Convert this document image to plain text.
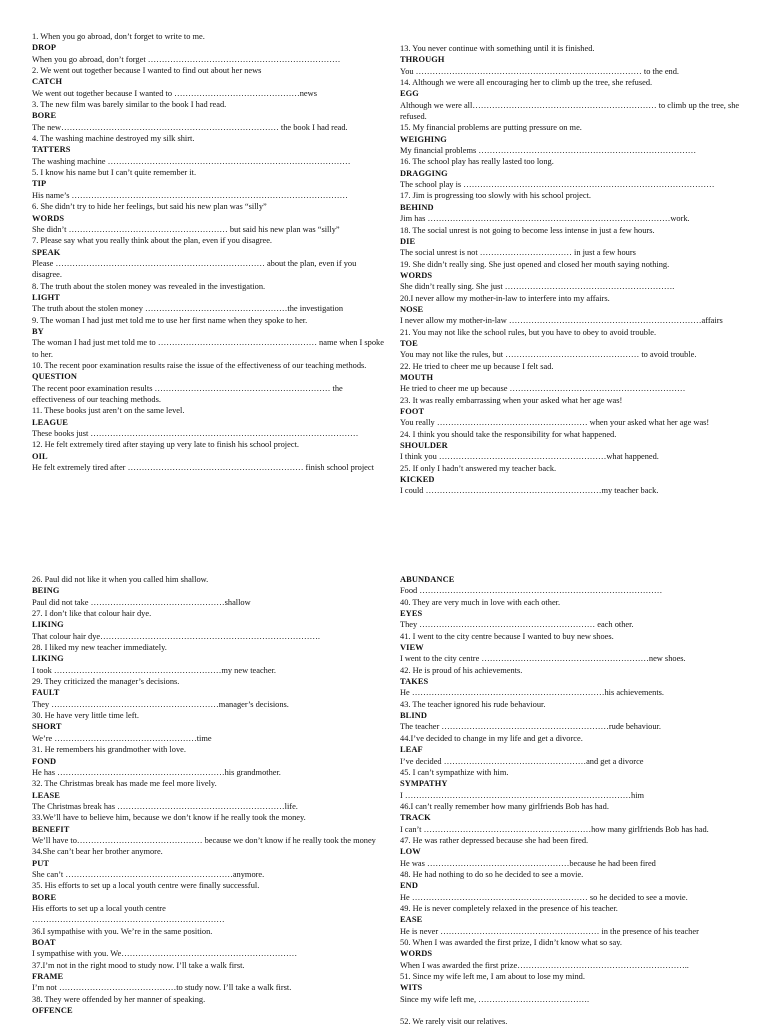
1. When you go abroad, don’t forget to write to me.
DROP
When you go abroad, don’t forget ……………………………………………………………
2. We went out together because I wanted to find out about her news
CATCH
We went out together because I wanted to ………………………………………news
3. The new film was barely similar to the book I had read.
BORE
The new…………………………………………………………………… the book I had read.
4. The washing machine destroyed my silk shirt.
TATTERS
The washing machine ……………………………………………………………………………
5. I know his name but I can’t quite remember it.
TIP
His name’s ………………………………………………………………………………………
6. She didn’t try to hide her feelings, but said his new plan was “silly”
WORDS
She didn’t ………………………………………………… but said his new plan was “silly”
7. Please say what you really think about the plan, even if you disagree.
SPEAK
Please ………………………………………………………………… about the plan, even if you disagree.
8. The truth about the stolen money was revealed in the investigation.
LIGHT
The truth about the stolen money ……………………………………………the investigation
9. The woman I had just met told me to use her first name when they spoke to her.
BY
The woman I had just met told me to ………………………………………………… name when I spoke to her.
10. The recent poor examination results raise the issue of the effectiveness of our teaching methods.
QUESTION
The recent poor examination results ……………………………………………………… the effectiveness of our teaching methods.
11. These books just aren’t on the same level.
LEAGUE
These books just ……………………………………………………………………………………
12. He felt extremely tired after staying up very late to finish his school project.
OIL
He felt extremely tired after ……………………………………………………… finish school project
13. You never continue with something until it is finished.
THROUGH
You ……………………………………………………………………… to the end.
14. Although we were all encouraging her to climb up the tree, she refused.
EGG
Although we were all………………………………………………………… to climb up the tree, she refused.
15. My financial problems are putting pressure on me.
WEIGHING
My financial problems ……………………………………………………………………
16. The school play has really lasted too long.
DRAGGING
The school play is ………………………………………………………………………………
17. Jim is progressing too slowly with his school project.
BEHIND
Jim has ……………………………………………………………………………work.
18. The social unrest is not going to become less intense in just a few hours.
DIE
The social unrest is not …………………………… in just a few hours
19. She didn’t really sing. She just opened and closed her mouth saying nothing.
WORDS
She didn’t really sing. She just …………………………………………………….
20.I never allow my mother-in-law to interfere into my affairs.
NOSE
I never allow my mother-in-law ……………………………………………………………affairs
21. You may not like the school rules, but you have to obey to avoid trouble.
TOE
You may not like the rules, but ………………………………………… to avoid trouble.
22. He tried to cheer me up because I felt sad.
MOUTH
He tried to cheer me up because ………………………………………………………
23. It was really embarrassing when your asked what her age was!
FOOT
You really ……………………………………………… when your asked what her age was!
24. I think you should take the responsibility for what happened.
SHOULDER
I think you ……………………………………………………what happened.
25. If only I hadn’t answered my teacher back.
KICKED
I could ………………………………………………………my teacher back.
26. Paul did not like it when you called him shallow.
BEING
Paul did not take …………………………………………shallow
27. I don’t like that colour hair dye.
LIKING
That colour hair dye…………………………………………………………………….
28. I liked my new teacher immediately.
LIKING
I took ……………………………………………………my new teacher.
29. They criticized the manager’s decisions.
FAULT
They ……………………………………………………manager’s decisions.
30. He have very little time left.
SHORT
We’re ……………………………………………time
31. He remembers his grandmother with love.
FOND
He has ……………………………………………………his grandmother.
32. The Christmas break has made me feel more lively.
LEASE
The Christmas break has ……………………………………………………life.
33.We’ll have to believe him, because we don’t know if he really took the money.
BENEFIT
We’ll have to……………………………………… because we don’t know if he really took the money
34.She can’t bear her brother anymore.
PUT
She can’t ……………………………………………………anymore.
35. His efforts to set up a local youth centre were finally successful.
BORE
His efforts to set up a local youth centre
……………………………………………………………
36.I sympathise with you. We’re in the same position.
BOAT
I sympathise with you. We………………………………………………………
37.I’m not in the right mood to study now. I’ll take a walk first.
FRAME
I’m not ……………………………………to study now. I’ll take a walk first.
38. They were offended by her manner of speaking.
OFFENCE
ABUNDANCE
Food ……………………………………………………………………………
40. They are very much in love with each other.
EYES
They ……………………………………………………… each other.
41. I went to the city centre because I wanted to buy new shoes.
VIEW
I went to the city centre ……………………………………………………new shoes.
42. He is proud of his achievements.
TAKES
He ……………………………………………………………his achievements.
43. The teacher ignored his rude behaviour.
BLIND
The teacher ……………………………………………………rude behaviour.
44.I’ve decided to change in my life and get a divorce.
LEAF
I’ve decided ……………………………………………and get a divorce
45. I can’t sympathize with him.
SYMPATHY
I ………………………………………………………………………him
46.I can’t really remember how many girlfriends Bob has had.
TRACK
I can’t ……………………………………………………how many girlfriends Bob has had.
47. He was rather depressed because she had been fired.
LOW
He was ……………………………………………because he had been fired
48. He had nothing to do so he decided to see a movie.
END
He ……………………………………………………… so he decided to see a movie.
49. He is never completely relaxed in the presence of his teacher.
EASE
He is never ………………………………………………… in the presence of his teacher
50. When I was awarded the first prize, I didn’t know what so say.
WORDS
When I was awarded the first prize……………………………………………………..
51. Since my wife left me, I am about to lose my mind.
WITS
Since my wife left me, ………………………………….
52. We rarely visit our relatives.
